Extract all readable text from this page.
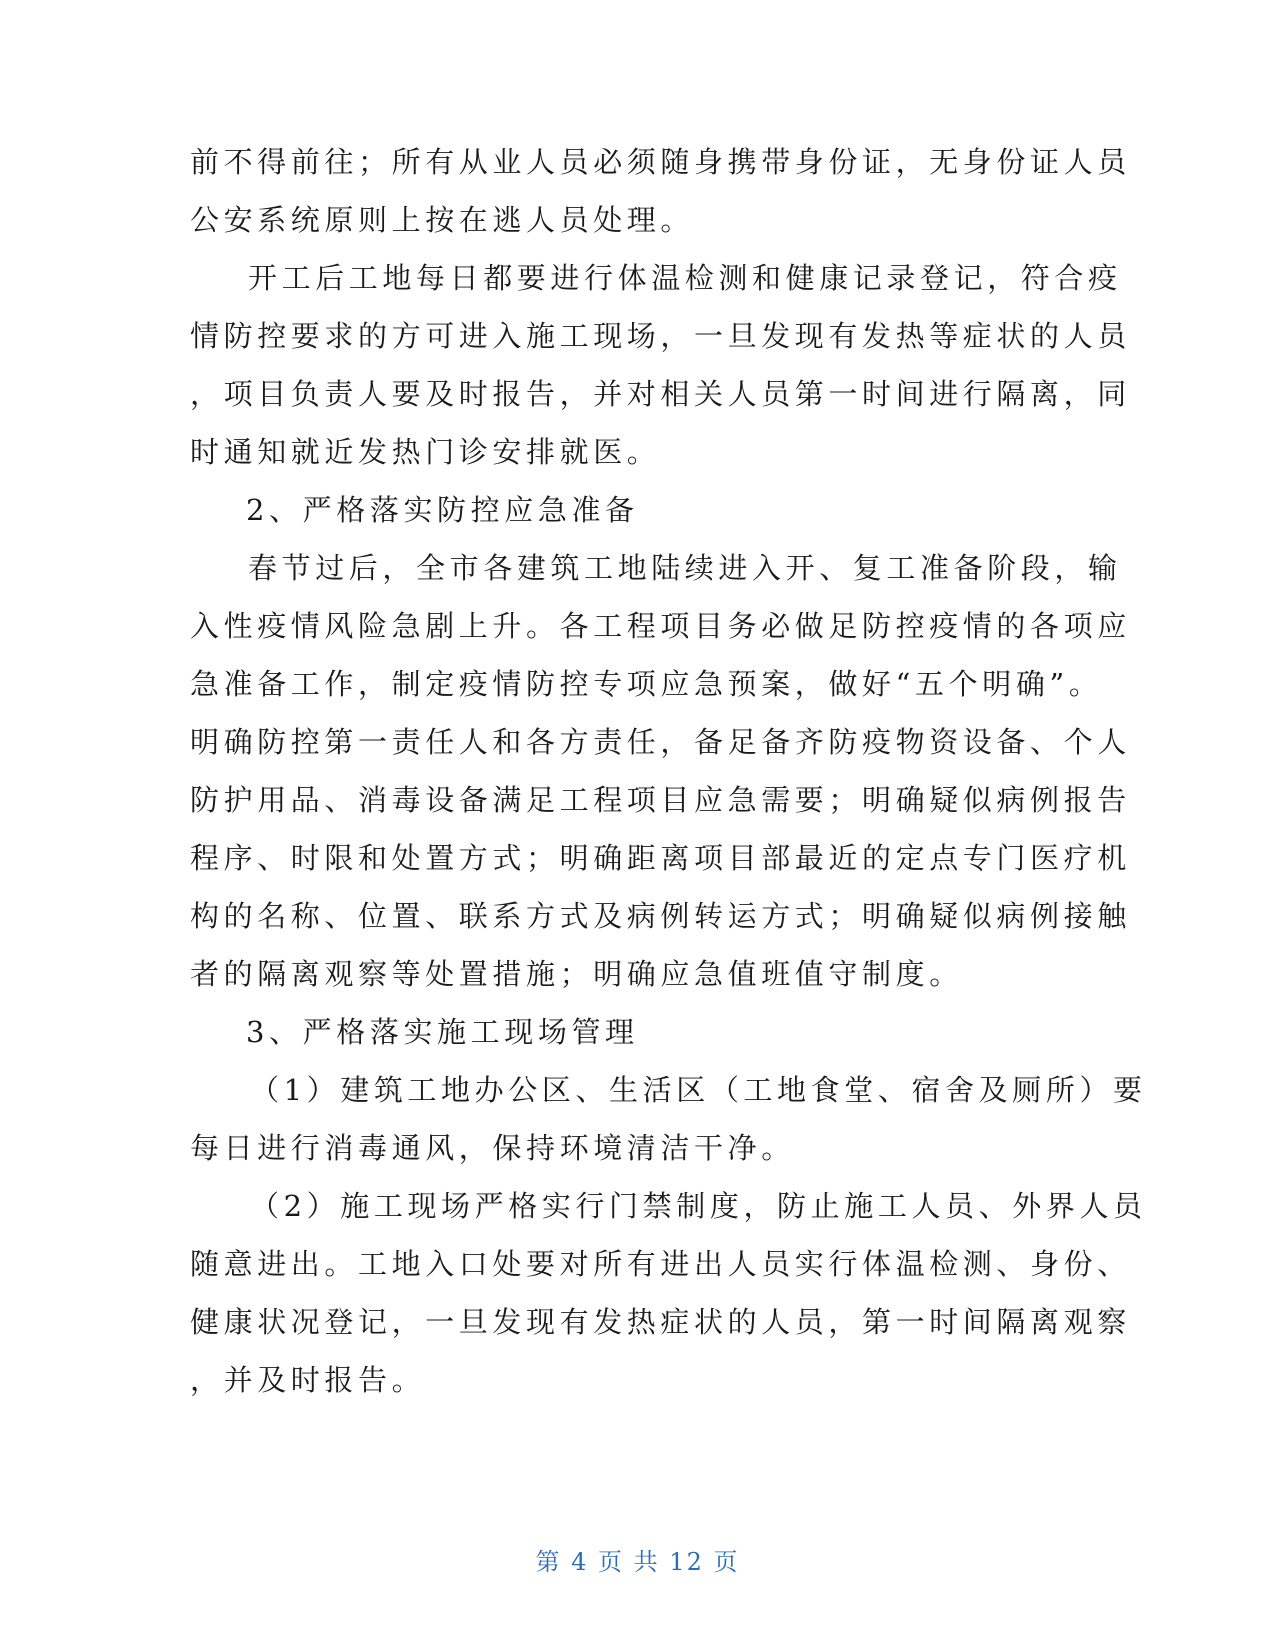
前不得前往；所有从业人员必须随身携带身份证，无身份证人员
公安系统原则上按在逃人员处理。
开工后工地每日都要进行体温检测和健康记录登记，符合疫
情防控要求的方可进入施工现场，一旦发现有发热等症状的人员
，项目负责人要及时报告，并对相关人员第一时间进行隔离，同
时通知就近发热门诊安排就医。
2、严格落实防控应急准备
春节过后，全市各建筑工地陆续进入开、复工准备阶段，输
入性疫情风险急剧上升。各工程项目务必做足防控疫情的各项应
急准备工作，制定疫情防控专项应急预案，做好“五个明确”。
明确防控第一责任人和各方责任，备足备齐防疫物资设备、个人
防护用品、消毒设备满足工程项目应急需要；明确疑似病例报告
程序、时限和处置方式；明确距离项目部最近的定点专门医疗机
构的名称、位置、联系方式及病例转运方式；明确疑似病例接触
者的隔离观察等处置措施；明确应急值班值守制度。
3、严格落实施工现场管理
（1）建筑工地办公区、生活区（工地食堂、宿舍及厕所）要
每日进行消毒通风，保持环境清洁干净。
（2）施工现场严格实行门禁制度，防止施工人员、外界人员
随意进出。工地入口处要对所有进出人员实行体温检测、身份、
健康状况登记，一旦发现有发热症状的人员，第一时间隔离观察
，并及时报告。
第 4 页 共 12 页
